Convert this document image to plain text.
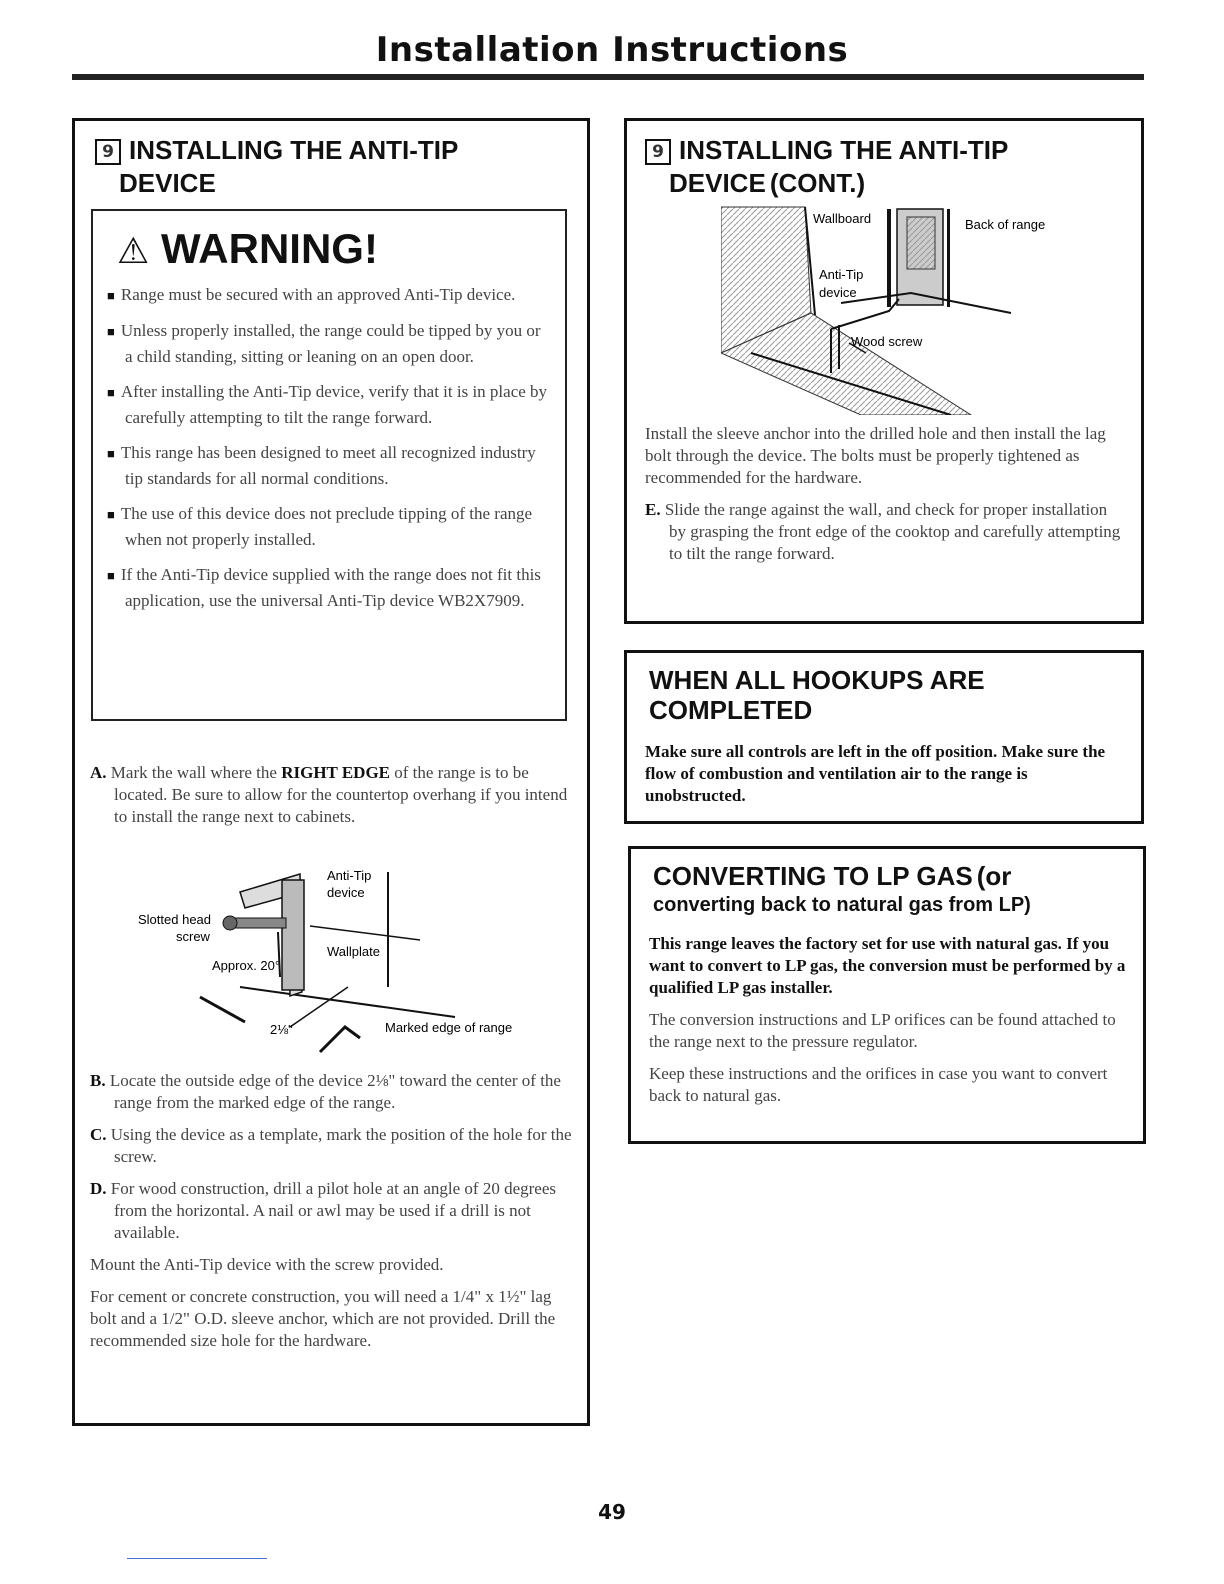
Installation Instructions
9 INSTALLING THE ANTI-TIP
DEVICE
⚠ WARNING!
■ Range must be secured with an approved Anti-Tip device.
■ Unless properly installed, the range could be tipped by you or a child standing, sitting or leaning on an open door.
■ After installing the Anti-Tip device, verify that it is in place by carefully attempting to tilt the range forward.
■ This range has been designed to meet all recognized industry tip standards for all normal conditions.
■ The use of this device does not preclude tipping of the range when not properly installed.
■ If the Anti-Tip device supplied with the range does not fit this application, use the universal Anti-Tip device WB2X7909.

A. Mark the wall where the RIGHT EDGE of the range is to be located. Be sure to allow for the countertop overhang if you intend to install the range next to cabinets.

Anti-Tip
device
Slotted head
screw
Wallplate
Approx. 20°
2⅛"	Marked edge of range

B. Locate the outside edge of the device 2⅛" toward the center of the range from the marked edge of the range.

C. Using the device as a template, mark the position of the hole for the screw.

D. For wood construction, drill a pilot hole at an angle of 20 degrees from the horizontal. A nail or awl may be used if a drill is not available.

Mount the Anti-Tip device with the screw provided.

For cement or concrete construction, you will need a 1/4" x 1½" lag bolt and a 1/2" O.D. sleeve anchor, which are not provided. Drill the recommended size hole for the hardware.

9 INSTALLING THE ANTI-TIP
DEVICE (CONT.)
Wallboard	Back of range
Anti-Tip
device
Wood screw

Install the sleeve anchor into the drilled hole and then install the lag bolt through the device. The bolts must be properly tightened as recommended for the hardware.

E. Slide the range against the wall, and check for proper installation by grasping the front edge of the cooktop and carefully attempting to tilt the range forward.

WHEN ALL HOOKUPS ARE
COMPLETED

Make sure all controls are left in the off position. Make sure the flow of combustion and ventilation air to the range is unobstructed.

CONVERTING TO LP GAS (or
converting back to natural gas from LP)

This range leaves the factory set for use with natural gas. If you want to convert to LP gas, the conversion must be performed by a qualified LP gas installer.

The conversion instructions and LP orifices can be found attached to the range next to the pressure regulator.

Keep these instructions and the orifices in case you want to convert back to natural gas.

49
